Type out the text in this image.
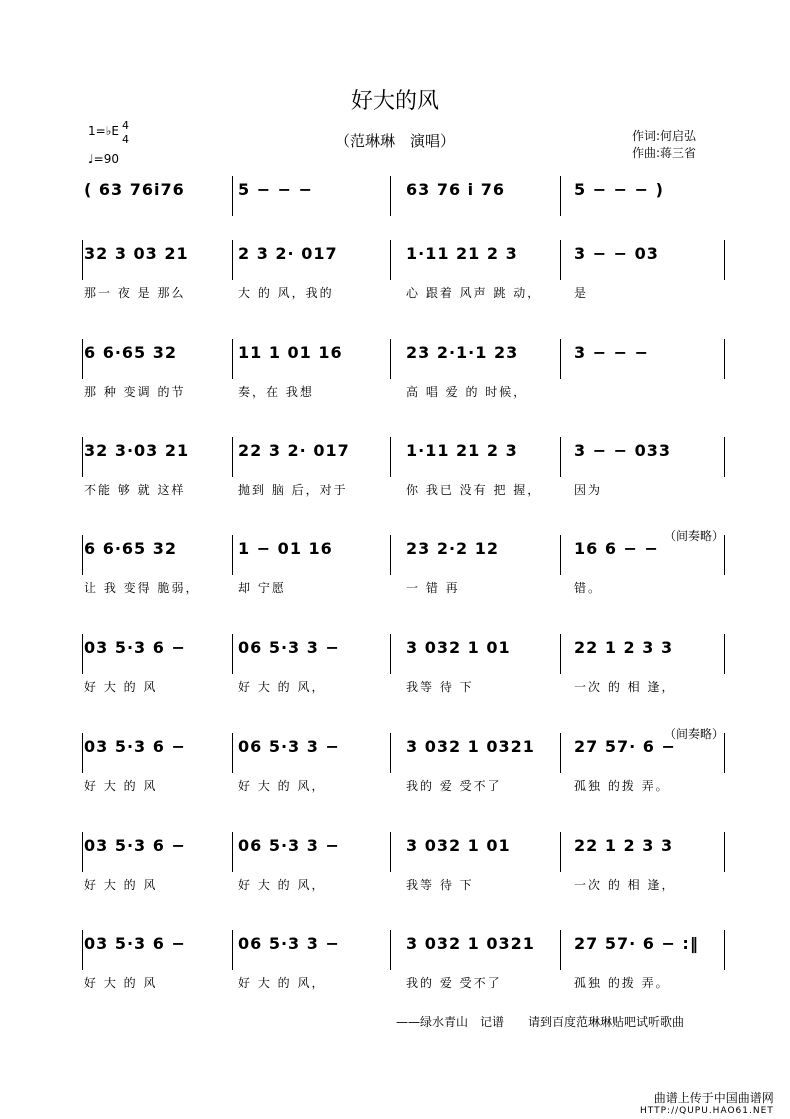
好大的风
（范琳琳　演唱）	作词:何启弘
作曲:蒋三省
1=♭E 4
4
♩=90
( 63 76i76	5 − − −	63 76 i 76	5 − − − )
32 3 03 21
那一 夜 是 那么
2 3 2· 017
大 的 风，我的
1·11 21 2 3
心 跟着 风声 跳 动，
3 − − 03
是
6 6·65 32
那 种 变调 的节
11 1 01 16
奏，在 我想
23 2·1·1 23
高 唱 爱 的 时候，
3 − − −
32 3·03 21
不能 够 就 这样
22 3 2· 017
抛到 脑 后，对于
1·11 21 2 3
你 我已 没有 把 握，
3 − − 033
因为
6 6·65 32
让 我 变得 脆弱，
1 − 01 16
却 宁愿
23 2·2 12
一 错 再
16 6 − −
错。
（间奏略）
03 5·3 6 −
好 大 的 风
06 5·3 3 −
好 大 的 风，
3 032 1 01
我等 待 下
22 1 2 3 3
一次 的 相 逢，
03 5·3 6 −
好 大 的 风
06 5·3 3 −
好 大 的 风，
3 032 1 0321
我的 爱 受不了
27 57· 6 −
孤独 的拨 弄。
（间奏略）
03 5·3 6 −
好 大 的 风
06 5·3 3 −
好 大 的 风，
3 032 1 01
我等 待 下
22 1 2 3 3
一次 的 相 逢，
03 5·3 6 −
好 大 的 风
06 5·3 3 −
好 大 的 风，
3 032 1 0321
我的 爱 受不了
27 57· 6 − :‖
孤独 的拨 弄。
——绿水青山　记谱　　请到百度范琳琳贴吧试听歌曲
曲谱上传于中国曲谱网
HTTP://QUPU.HAO61.NET
